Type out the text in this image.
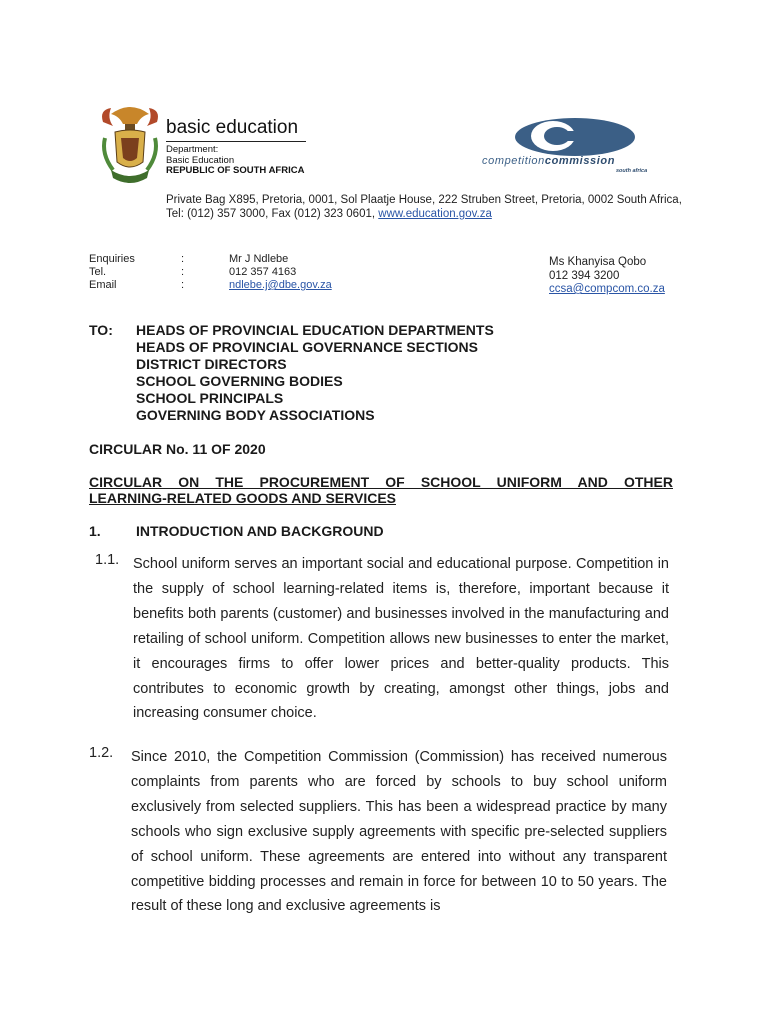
basic education
Department:
Basic Education
REPUBLIC OF SOUTH AFRICA
competitioncommission
south africa
Private Bag X895, Pretoria, 0001, Sol Plaatje House, 222 Struben Street, Pretoria, 0002 South Africa, Tel: (012) 357 3000, Fax (012) 323 0601, www.education.gov.za
Enquiries
Tel.
Email
:
:
:
Mr J Ndlebe
012 357 4163
ndlebe.j@dbe.gov.za
Ms Khanyisa Qobo
012 394 3200
ccsa@compcom.co.za
TO: HEADS OF PROVINCIAL EDUCATION DEPARTMENTS
HEADS OF PROVINCIAL GOVERNANCE SECTIONS
DISTRICT DIRECTORS
SCHOOL GOVERNING BODIES
SCHOOL PRINCIPALS
GOVERNING BODY ASSOCIATIONS
CIRCULAR No. 11 OF 2020
CIRCULAR ON THE PROCUREMENT OF SCHOOL UNIFORM AND OTHER
LEARNING-RELATED GOODS AND SERVICES
1.	INTRODUCTION AND BACKGROUND
1.1. School uniform serves an important social and educational purpose. Competition in the supply of school learning-related items is, therefore, important because it benefits both parents (customer) and businesses involved in the manufacturing and retailing of school uniform. Competition allows new businesses to enter the market, it encourages firms to offer lower prices and better-quality products. This contributes to economic growth by creating, amongst other things, jobs and increasing consumer choice.
1.2. Since 2010, the Competition Commission (Commission) has received numerous complaints from parents who are forced by schools to buy school uniform exclusively from selected suppliers. This has been a widespread practice by many schools who sign exclusive supply agreements with specific pre-selected suppliers of school uniform. These agreements are entered into without any transparent competitive bidding processes and remain in force for between 10 to 50 years. The result of these long and exclusive agreements is
